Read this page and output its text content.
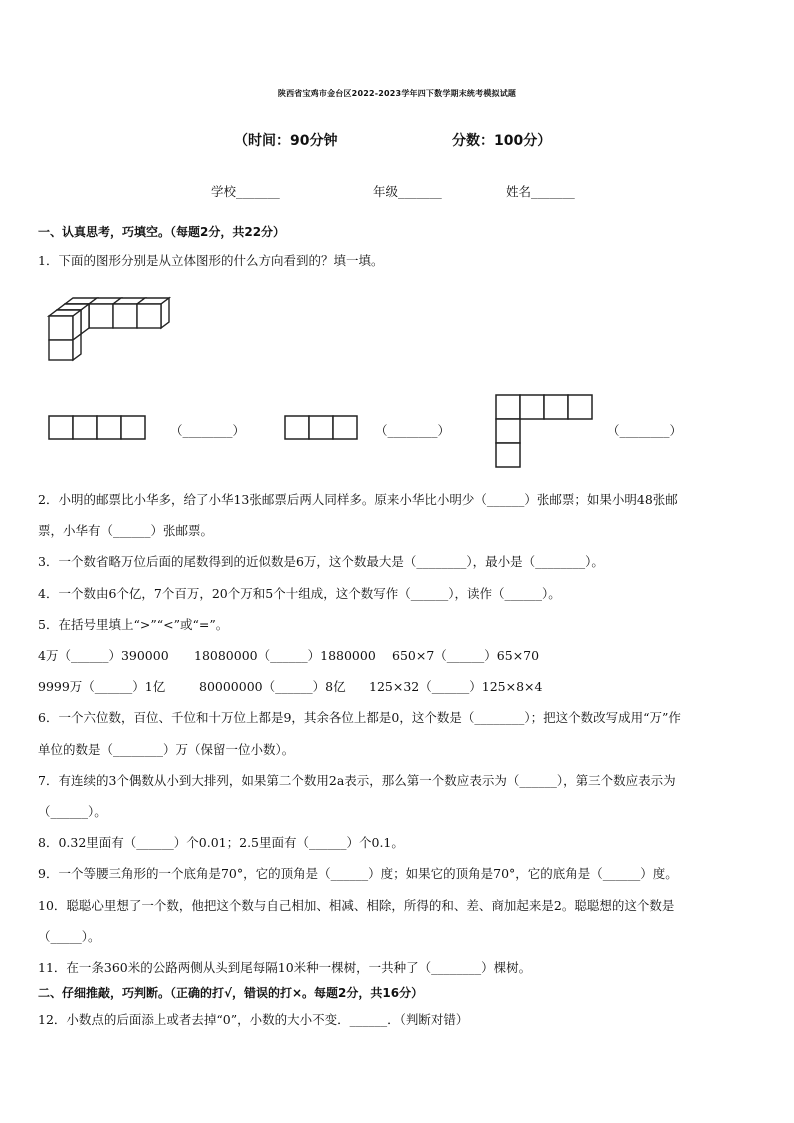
陕西省宝鸡市金台区2022-2023学年四下数学期末统考模拟试题
（时间：90分钟	分数：100分）
学校_______	年级_______	姓名_______
一、认真思考，巧填空。（每题2分，共22分）
1．下面的图形分别是从立体图形的什么方向看到的？填一填。
（________）	（________）	（________）
2．小明的邮票比小华多，给了小华13张邮票后两人同样多。原来小华比小明少（______）张邮票；如果小明48张邮
票，小华有（______）张邮票。
3．一个数省略万位后面的尾数得到的近似数是6万，这个数最大是（________），最小是（________）。
4．一个数由6个亿，7个百万，20个万和5个十组成，这个数写作（______），读作（______）。
5．在括号里填上“>”“<”或“=”。
4万（______）390000 18080000（______）1880000 650×7（______）65×70
9999万（______）1亿	80000000（______）8亿 125×32（______）125×8×4
6．一个六位数，百位、千位和十万位上都是9，其余各位上都是0，这个数是（________）；把这个数改写成用“万”作
单位的数是（________）万（保留一位小数）。
7．有连续的3个偶数从小到大排列，如果第二个数用2a表示，那么第一个数应表示为（______），第三个数应表示为
（______）。
8．0.32里面有（______）个0.01；2.5里面有（______）个0.1。
9．一个等腰三角形的一个底角是70°，它的顶角是（______）度；如果它的顶角是70°，它的底角是（______）度。
10．聪聪心里想了一个数，他把这个数与自己相加、相减、相除，所得的和、差、商加起来是2。聪聪想的这个数是
（_____）。
11．在一条360米的公路两侧从头到尾每隔10米种一棵树，一共种了（________）棵树。
二、仔细推敲，巧判断。（正确的打√，错误的打×。每题2分，共16分）
12．小数点的后面添上或者去掉“0”，小数的大小不变．______．（判断对错）
